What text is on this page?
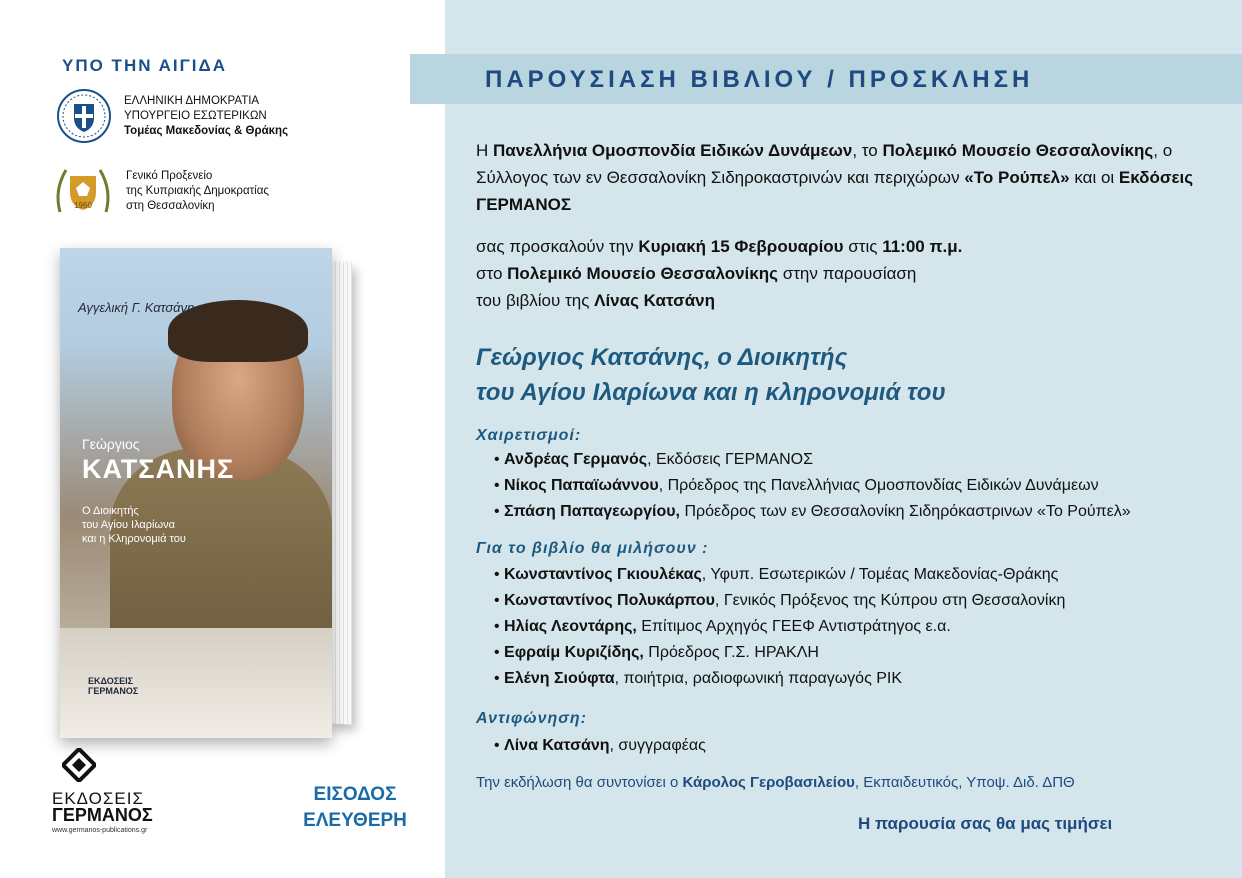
ΥΠΟ ΤΗΝ ΑΙΓΙΔΑ
ΕΛΛΗΝΙΚΗ ΔΗΜΟΚΡΑΤΙΑ
ΥΠΟΥΡΓΕΙΟ ΕΣΩΤΕΡΙΚΩΝ
Τομέας Μακεδονίας & Θράκης
1960
Γενικό Προξενείο
της Κυπριακής Δημοκρατίας
στη Θεσσαλονίκη
Αγγελική Γ. Κατσάνη
Γεώργιος
ΚΑΤΣΑΝΗΣ
Ο Διοικητής
του Αγίου Ιλαρίωνα
και η Κληρονομιά του
ΕΚΔΟΣΕΙΣ
ΓΕΡΜΑΝΟΣ
ΕΚΔΟΣΕΙΣ
ΓΕΡΜΑΝΟΣ
www.germanos-publications.gr
ΕΙΣΟΔΟΣ
ΕΛΕΥΘΕΡΗ
ΠΑΡΟΥΣΙΑΣΗ ΒΙΒΛΙΟΥ / ΠΡΟΣΚΛΗΣΗ
Η Πανελλήνια Ομοσπονδία Ειδικών Δυνάμεων, το Πολεμικό Μουσείο Θεσσαλονίκης, ο Σύλλογος των εν Θεσσαλονίκη Σιδηροκαστρινών και περιχώρων «Το Ρούπελ» και οι Εκδόσεις ΓΕΡΜΑΝΟΣ
σας προσκαλούν την Κυριακή 15 Φεβρουαρίου στις 11:00 π.μ.
στο Πολεμικό Μουσείο Θεσσαλονίκης στην παρουσίαση
του βιβλίου της Λίνας Κατσάνη
Γεώργιος Κατσάνης, ο Διοικητής
του Αγίου Ιλαρίωνα και η κληρονομιά του
Χαιρετισμοί:
• Ανδρέας Γερμανός, Εκδόσεις ΓΕΡΜΑΝΟΣ
• Νίκος Παπαϊωάννου, Πρόεδρος της Πανελλήνιας Ομοσπονδίας Ειδικών Δυνάμεων
• Σπάση Παπαγεωργίου, Πρόεδρος των εν Θεσσαλονίκη Σιδηρόκαστρινων «Το Ρούπελ»
Για το βιβλίο θα μιλήσουν :
• Κωνσταντίνος Γκιουλέκας, Υφυπ. Εσωτερικών / Τομέας Μακεδονίας-Θράκης
• Κωνσταντίνος Πολυκάρπου, Γενικός Πρόξενος της Κύπρου στη Θεσσαλονίκη
• Ηλίας Λεοντάρης, Επίτιμος Αρχηγός ΓΕΕΦ Αντιστράτηγος ε.α.
• Εφραίμ Κυριζίδης, Πρόεδρος Γ.Σ. ΗΡΑΚΛΗ
• Ελένη Σιούφτα, ποιήτρια, ραδιοφωνική παραγωγός ΡΙΚ
Αντιφώνηση:
• Λίνα Κατσάνη, συγγραφέας
Την εκδήλωση θα συντονίσει ο Κάρολος Γεροβασιλείου, Εκπαιδευτικός, Υποψ. Διδ. ΔΠΘ
Η παρουσία σας θα μας τιμήσει
